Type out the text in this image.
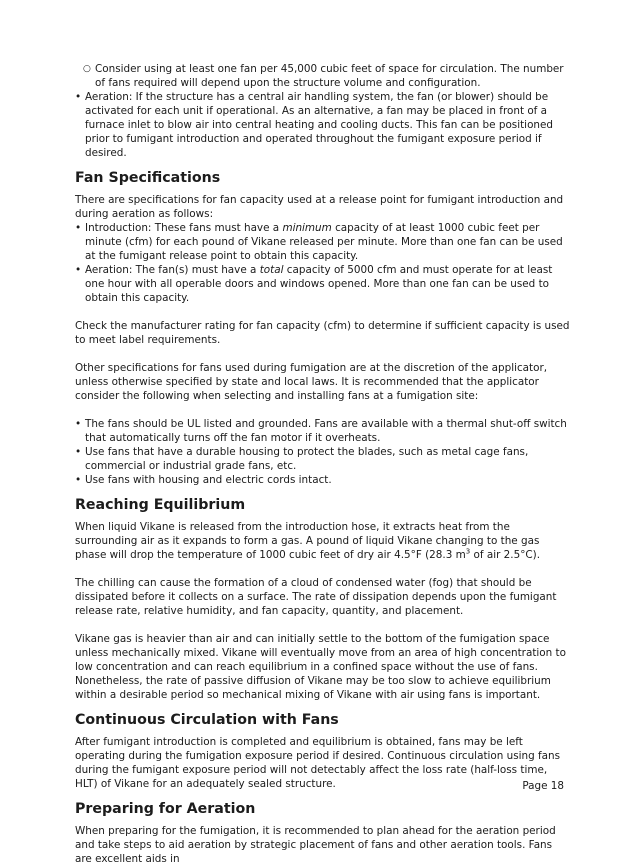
○ Consider using at least one fan per 45,000 cubic feet of space for circulation. The number of fans required will depend upon the structure volume and configuration.
• Aeration: If the structure has a central air handling system, the fan (or blower) should be activated for each unit if operational. As an alternative, a fan may be placed in front of a furnace inlet to blow air into central heating and cooling ducts. This fan can be positioned prior to fumigant introduction and operated throughout the fumigant exposure period if desired.
Fan Specifications

There are specifications for fan capacity used at a release point for fumigant introduction and during aeration as follows:

• Introduction: These fans must have a minimum capacity of at least 1000 cubic feet per minute (cfm) for each pound of Vikane released per minute. More than one fan can be used at the fumigant release point to obtain this capacity.
• Aeration: The fan(s) must have a total capacity of 5000 cfm and must operate for at least one hour with all operable doors and windows opened. More than one fan can be used to obtain this capacity.

Check the manufacturer rating for fan capacity (cfm) to determine if sufficient capacity is used to meet label requirements.

Other specifications for fans used during fumigation are at the discretion of the applicator, unless otherwise specified by state and local laws. It is recommended that the applicator consider the following when selecting and installing fans at a fumigation site:

• The fans should be UL listed and grounded. Fans are available with a thermal shut-off switch that automatically turns off the fan motor if it overheats.
• Use fans that have a durable housing to protect the blades, such as metal cage fans, commercial or industrial grade fans, etc.
• Use fans with housing and electric cords intact.
Reaching Equilibrium

When liquid Vikane is released from the introduction hose, it extracts heat from the surrounding air as it expands to form a gas. A pound of liquid Vikane changing to the gas phase will drop the temperature of 1000 cubic feet of dry air 4.5°F (28.3 $m^3$ of air 2.5°C).

The chilling can cause the formation of a cloud of condensed water (fog) that should be dissipated before it collects on a surface. The rate of dissipation depends upon the fumigant release rate, relative humidity, and fan capacity, quantity, and placement.

Vikane gas is heavier than air and can initially settle to the bottom of the fumigation space unless mechanically mixed. Vikane will eventually move from an area of high concentration to low concentration and can reach equilibrium in a confined space without the use of fans. Nonetheless, the rate of passive diffusion of Vikane may be too slow to achieve equilibrium within a desirable period so mechanical mixing of Vikane with air using fans is important.

Continuous Circulation with Fans

After fumigant introduction is completed and equilibrium is obtained, fans may be left operating during the fumigation exposure period if desired. Continuous circulation using fans during the fumigant exposure period will not detectably affect the loss rate (half-loss time, HLT) of Vikane for an adequately sealed structure.

Preparing for Aeration

When preparing for the fumigation, it is recommended to plan ahead for the aeration period and take steps to aid aeration by strategic placement of fans and other aeration tools. Fans are excellent aids in

Page 18
